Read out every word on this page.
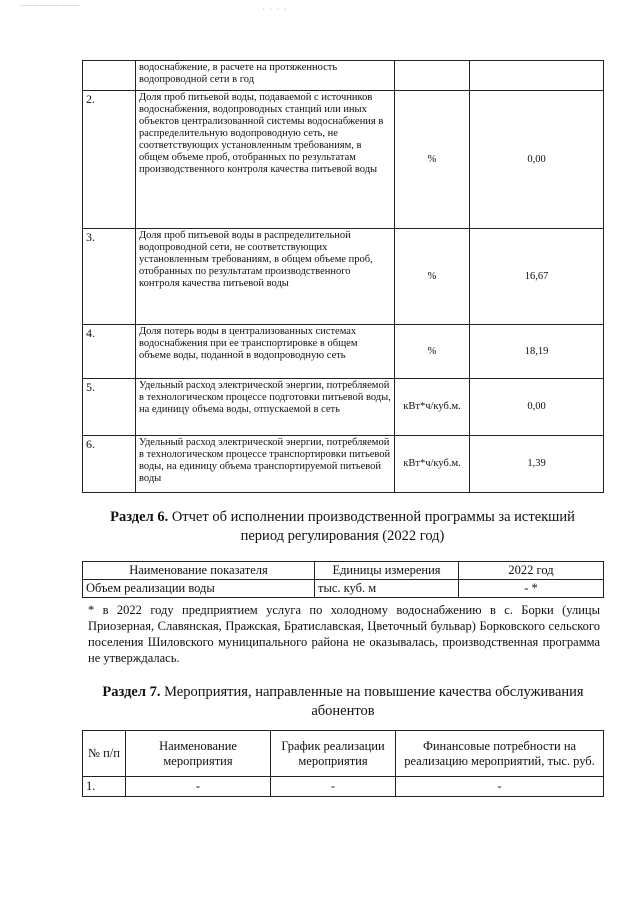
——————	· · · ·
	водоснабжение, в расчете на протяженность водопроводной сети в год		
2.	Доля проб питьевой воды, подаваемой с источников водоснабжения, водопроводных станций или иных объектов централизованной системы водоснабжения в распределительную водопроводную сеть, не соответствующих установленным требованиям, в общем объеме проб, отобранных по результатам производственного контроля качества питьевой воды	%	0,00
3.	Доля проб питьевой воды в распределительной водопроводной сети, не соответствующих установленным требованиям, в общем объеме проб, отобранных по результатам производственного контроля качества питьевой воды	%	16,67
4.	Доля потерь воды в централизованных системах водоснабжения при ее транспортировке в общем объеме воды, поданной в водопроводную сеть	%	18,19
5.	Удельный расход электрической энергии, потребляемой в технологическом процессе подготовки питьевой воды, на единицу объема воды, отпускаемой в сеть	кВт*ч/куб.м.	0,00
6.	Удельный расход электрической энергии, потребляемой в технологическом процессе транспортировки питьевой воды, на единицу объема транспортируемой питьевой воды	кВт*ч/куб.м.	1,39
Раздел 6. Отчет об исполнении производственной программы за истекший период регулирования (2022 год)
Наименование показателя	Единицы измерения	2022 год
Объем реализации воды	тыс. куб. м	- *
* в 2022 году предприятием услуга по холодному водоснабжению в с. Борки (улицы Приозерная, Славянская, Пражская, Братиславская, Цветочный бульвар) Борковского сельского поселения Шиловского муниципального района не оказывалась, производственная программа не утверждалась.
Раздел 7. Мероприятия, направленные на повышение качества обслуживания абонентов
№ п/п	Наименование мероприятия	График реализации мероприятия	Финансовые потребности на реализацию мероприятий, тыс. руб.
1.	-	-	-
